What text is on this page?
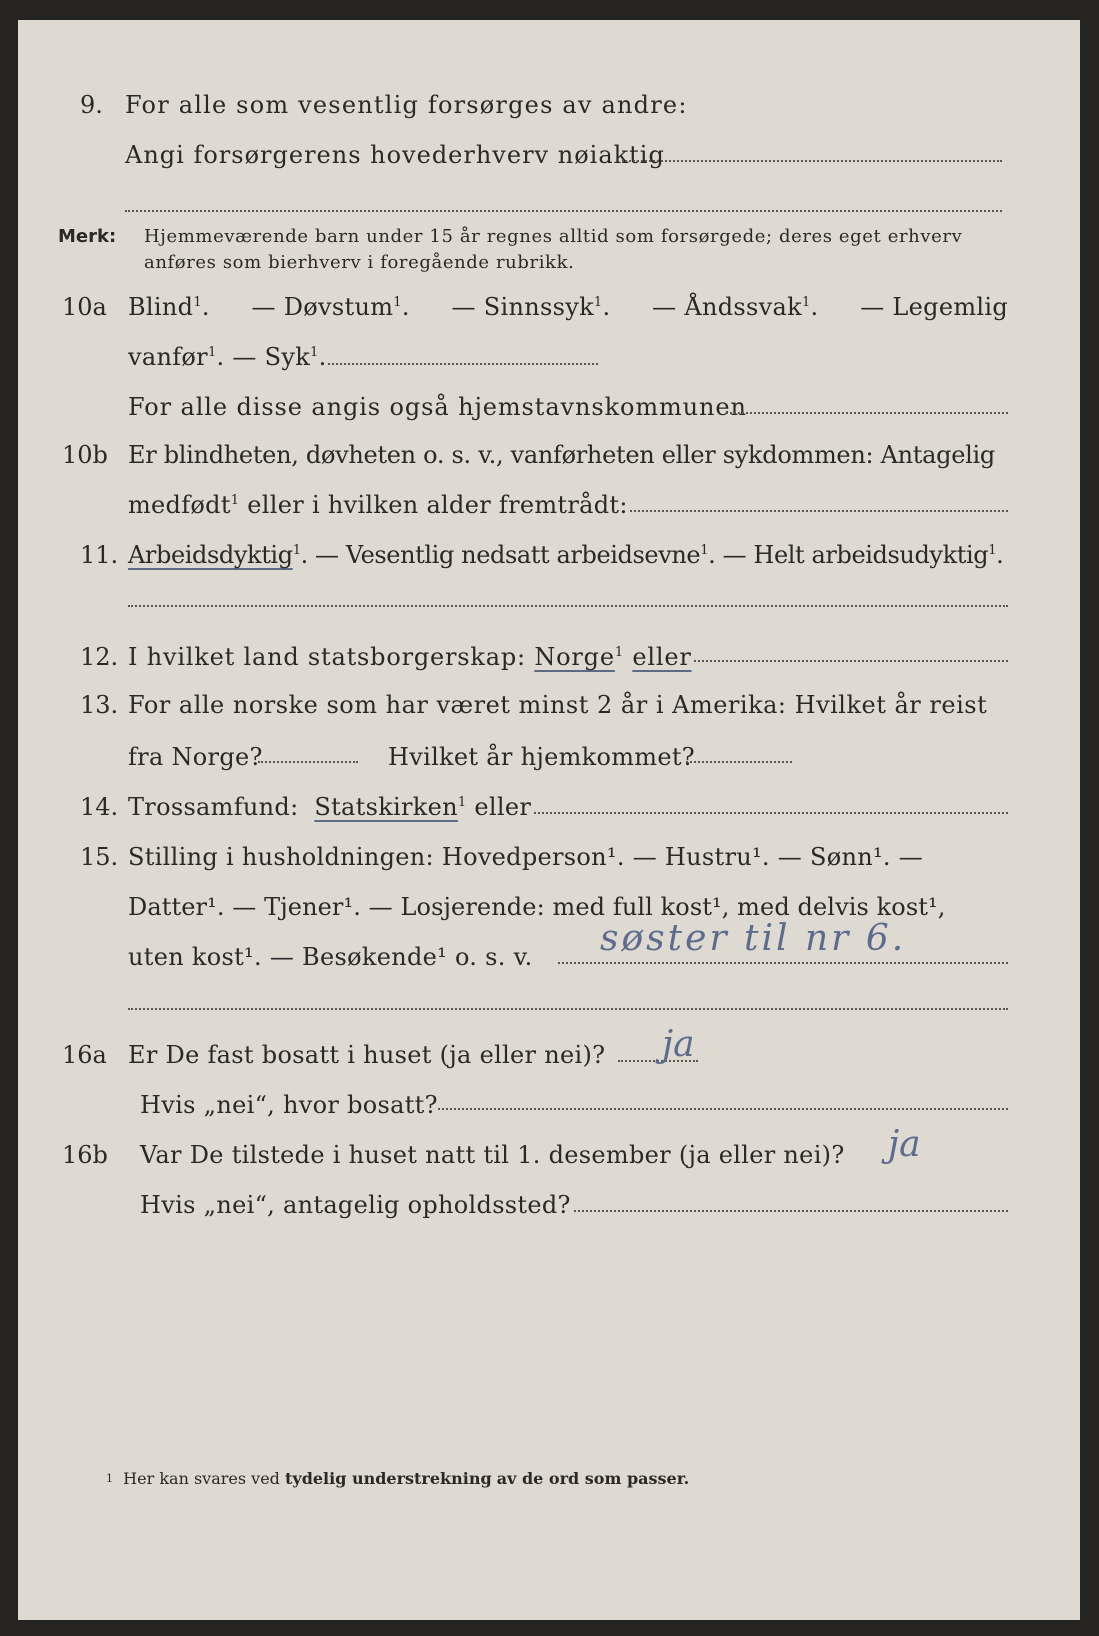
9. For alle som vesentlig forsørges av andre:
Angi forsørgerens hovederhverv nøiaktig
Merk: Hjemmeværende barn under 15 år regnes alltid som forsørgede; deres eget erhverv
anføres som bierhverv i foregående rubrikk.
10a Blind$^1$. — Døvstum$^1$. — Sinnssyk$^1$. — Åndssvak$^1$. — Legemlig
vanfør$^1$. — Syk$^1$.
For alle disse angis også hjemstavnskommunen
10b Er blindheten, døvheten o. s. v., vanførheten eller sykdommen: Antagelig
medfødt$^1$ eller i hvilken alder fremtrådt:
11. Arbeidsdyktig$^1$. — Vesentlig nedsatt arbeidsevne$^1$. — Helt arbeidsudyktig$^1$.
12. I hvilket land statsborgerskap: Norge$^1$ eller
13. For alle norske som har været minst 2 år i Amerika: Hvilket år reist
fra Norge?	Hvilket år hjemkommet?
14. Trossamfund: Statskirken$^1$ eller
15. Stilling i husholdningen: Hovedperson¹. — Hustru¹. — Sønn¹. —
Datter¹. — Tjener¹. — Losjerende: med full kost¹, med delvis kost¹,
uten kost¹. — Besøkende¹ o. s. v. søster til nr 6.
16a Er De fast bosatt i huset (ja eller nei)? ja
Hvis „nei“, hvor bosatt?
16b Var De tilstede i huset natt til 1. desember (ja eller nei)? ja
Hvis „nei“, antagelig opholdssted?
1 Her kan svares ved tydelig understrekning av de ord som passer.
